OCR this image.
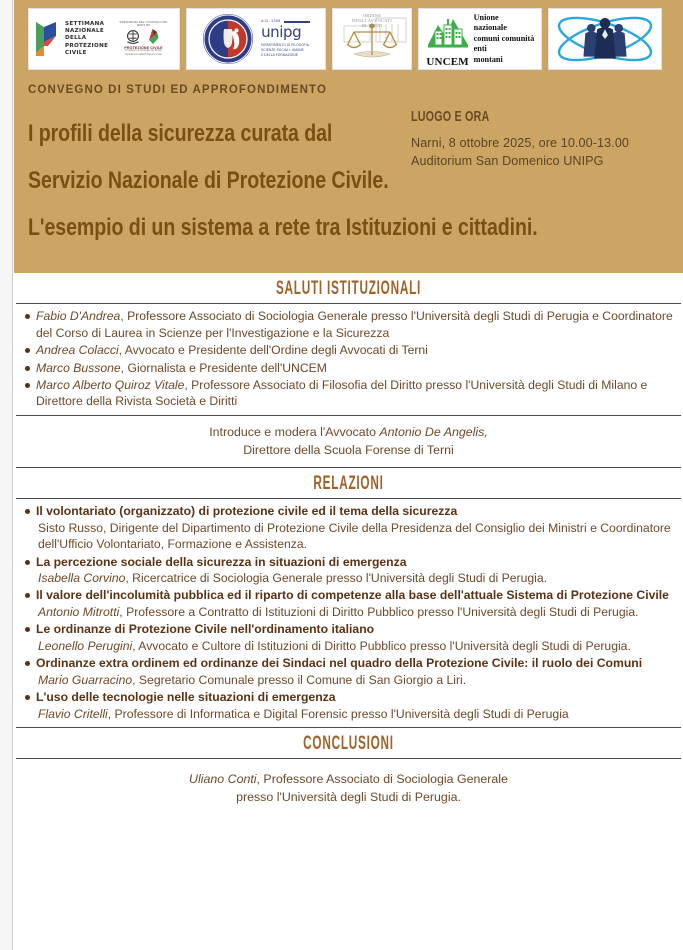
SETTIMANA
NAZIONALE
DELLA
PROTEZIONE
CIVILE
PRESIDENZA DEL CONSIGLIO DEI MINISTRI
PROTEZIONE CIVILE
Presidenza del Consiglio dei Ministri
Dipartimento della Protezione Civile
A.D. 1308
unipg
DIPARTIMENTO DI FILOSOFIA,
SCIENZE SOCIALI, UMANE
E DELLA FORMAZIONE
ORDINE
DEGLI AVVOCATI
DI TERNI
UNCEM
Unione
nazionale
comuni comunità
enti
montani
CONVEGNO DI STUDI ED APPROFONDIMENTO
I profili della sicurezza curata dal
Servizio Nazionale di Protezione Civile.
L'esempio di un sistema a rete tra Istituzioni e cittadini.
LUOGO E ORA
Narni, 8 ottobre 2025, ore 10.00-13.00
Auditorium San Domenico UNIPG
SALUTI ISTITUZIONALI
Fabio D'Andrea, Professore Associato di Sociologia Generale presso l'Università degli Studi di Perugia e Coordinatore del Corso di Laurea in Scienze per l'Investigazione e la Sicurezza
Andrea Colacci, Avvocato e Presidente dell'Ordine degli Avvocati di Terni
Marco Bussone, Giornalista e Presidente dell'UNCEM
Marco Alberto Quiroz Vitale, Professore Associato di Filosofia del Diritto presso l'Università degli Studi di Milano e Direttore della Rivista Società e Diritti
Introduce e modera l'Avvocato Antonio De Angelis,
Direttore della Scuola Forense di Terni
RELAZIONI
Il volontariato (organizzato) di protezione civile ed il tema della sicurezza
Sisto Russo, Dirigente del Dipartimento di Protezione Civile della Presidenza del Consiglio dei Ministri e Coordinatore dell'Ufficio Volontariato, Formazione e Assistenza.
La percezione sociale della sicurezza in situazioni di emergenza
Isabella Corvino, Ricercatrice di Sociologia Generale presso l'Università degli Studi di Perugia.
Il valore dell'incolumità pubblica ed il riparto di competenze alla base dell'attuale Sistema di Protezione Civile
Antonio Mitrotti, Professore a Contratto di Istituzioni di Diritto Pubblico presso l'Università degli Studi di Perugia.
Le ordinanze di Protezione Civile nell'ordinamento italiano
Leonello Perugini, Avvocato e Cultore di Istituzioni di Diritto Pubblico presso l'Università degli Studi di Perugia.
Ordinanze extra ordinem ed ordinanze dei Sindaci nel quadro della Protezione Civile: il ruolo dei Comuni
Mario Guarracino, Segretario Comunale presso il Comune di San Giorgio a Liri.
L'uso delle tecnologie nelle situazioni di emergenza
Flavio Critelli, Professore di Informatica e Digital Forensic presso l'Università degli Studi di Perugia
CONCLUSIONI
Uliano Conti, Professore Associato di Sociologia Generale
presso l'Università degli Studi di Perugia.
